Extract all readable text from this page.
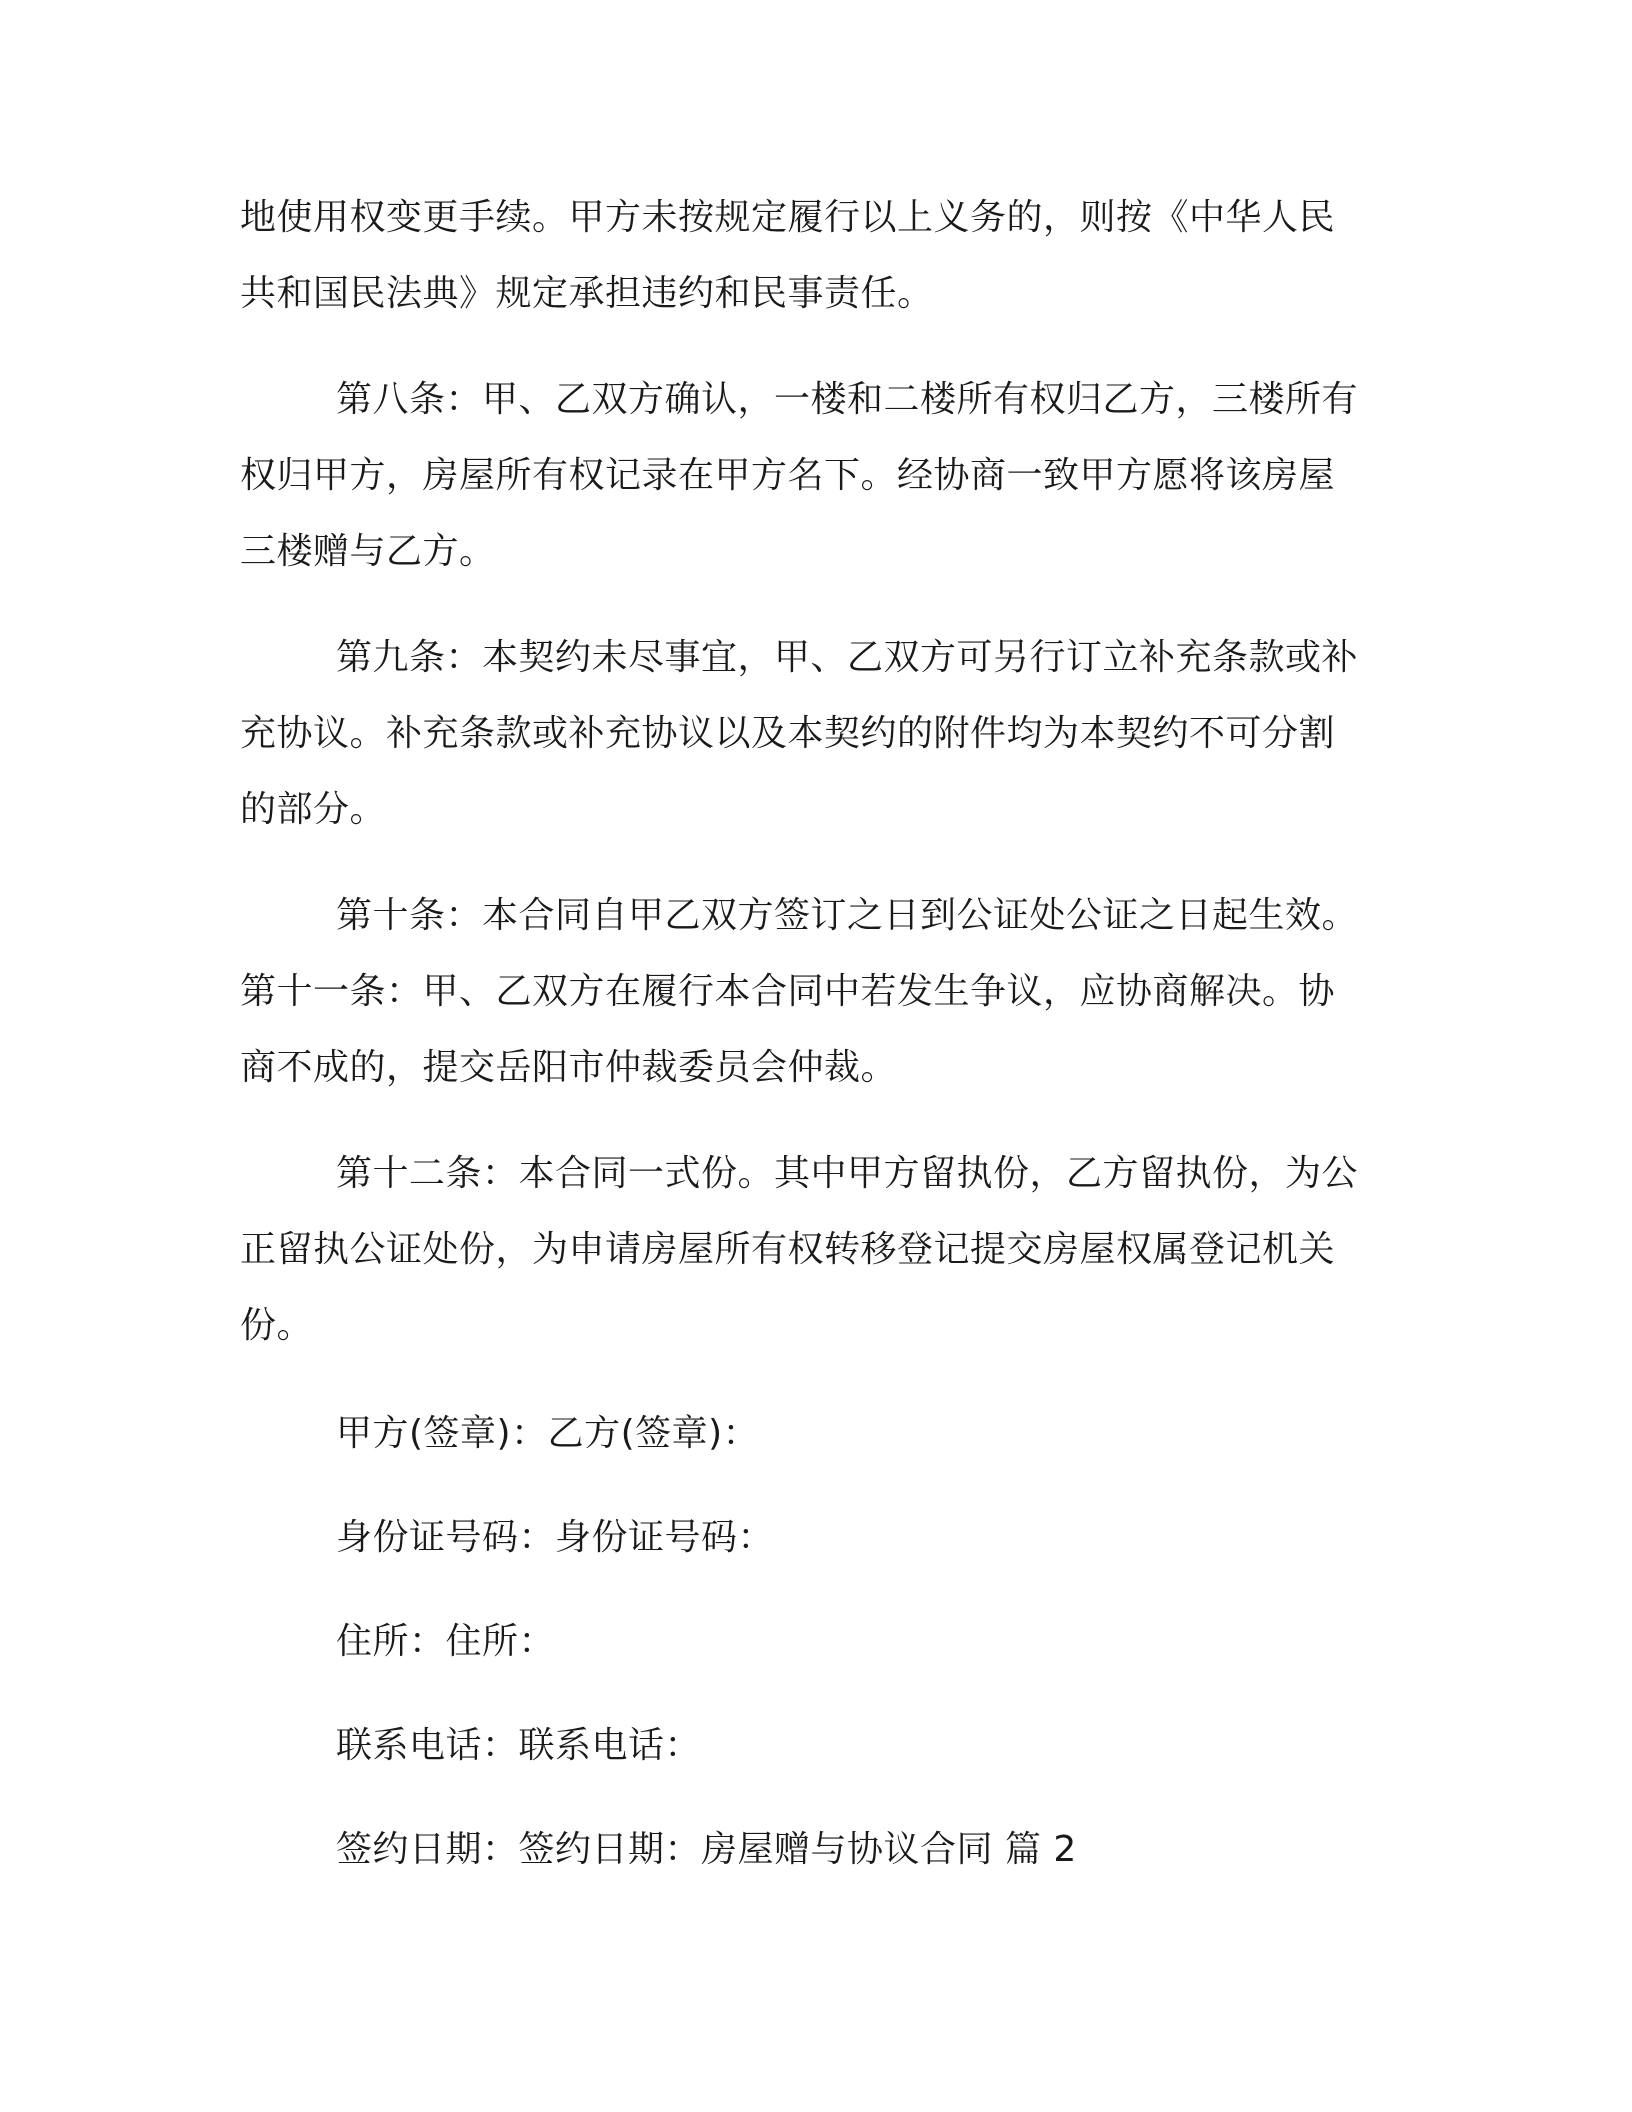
地使用权变更手续。甲方未按规定履行以上义务的，则按《中华人民
共和国民法典》规定承担违约和民事责任。
第八条：甲、乙双方确认，一楼和二楼所有权归乙方，三楼所有
权归甲方，房屋所有权记录在甲方名下。经协商一致甲方愿将该房屋
三楼赠与乙方。
第九条：本契约未尽事宜，甲、乙双方可另行订立补充条款或补
充协议。补充条款或补充协议以及本契约的附件均为本契约不可分割
的部分。
第十条：本合同自甲乙双方签订之日到公证处公证之日起生效。
第十一条：甲、乙双方在履行本合同中若发生争议，应协商解决。协
商不成的，提交岳阳市仲裁委员会仲裁。
第十二条：本合同一式份。其中甲方留执份，乙方留执份，为公
正留执公证处份，为申请房屋所有权转移登记提交房屋权属登记机关
份。
甲方(签章)：乙方(签章)：
身份证号码：身份证号码：
住所：住所：
联系电话：联系电话：
签约日期：签约日期：房屋赠与协议合同 篇 2
